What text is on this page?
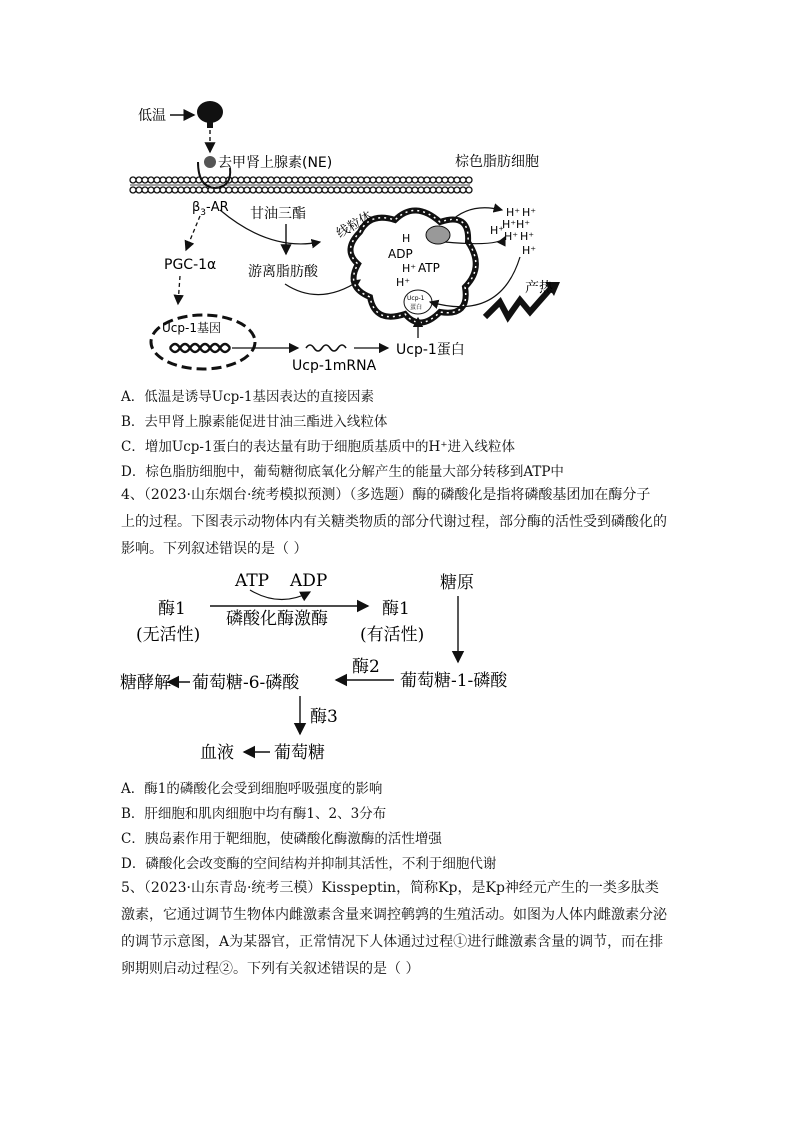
低温
去甲肾上腺素(NE)	棕色脂肪细胞
$\beta_3-AR$ 甘油三酯
PGC-1α 游离脂肪酸
线粒体 H
ADP
H⁺ ATP
H⁺
Ucp-1
蛋白
H⁺ H⁺
H⁺ H⁺
H⁺ H⁺ H⁺
H⁺
产热
Ucp-1基因
Ucp-1mRNA
Ucp-1蛋白
A．低温是诱导Ucp-1基因表达的直接因素
B．去甲肾上腺素能促进甘油三酯进入线粒体
C．增加Ucp-1蛋白的表达量有助于细胞质基质中的H⁺进入线粒体
D．棕色脂肪细胞中，葡萄糖彻底氧化分解产生的能量大部分转移到ATP中
4、（2023·山东烟台·统考模拟预测）（多选题）酶的磷酸化是指将磷酸基团加在酶分子
上的过程。下图表示动物体内有关糖类物质的部分代谢过程，部分酶的活性受到磷酸化的
影响。下列叙述错误的是（ ）
ATP ADP	糖原
酶1
(无活性)
磷酸化酶激酶	酶1
(有活性)
酶2
葡萄糖-1-磷酸
葡萄糖-6-磷酸
糖酵解
酶3
血液 葡萄糖
A．酶1的磷酸化会受到细胞呼吸强度的影响
B．肝细胞和肌肉细胞中均有酶1、2、3分布
C．胰岛素作用于靶细胞，使磷酸化酶激酶的活性增强
D．磷酸化会改变酶的空间结构并抑制其活性，不利于细胞代谢
5、（2023·山东青岛·统考三模）Kisspeptin，简称Kp，是Kp神经元产生的一类多肽类
激素，它通过调节生物体内雌激素含量来调控鹌鹑的生殖活动。如图为人体内雌激素分泌
的调节示意图，A为某器官，正常情况下人体通过过程①进行雌激素含量的调节，而在排
卵期则启动过程②。下列有关叙述错误的是（ ）
